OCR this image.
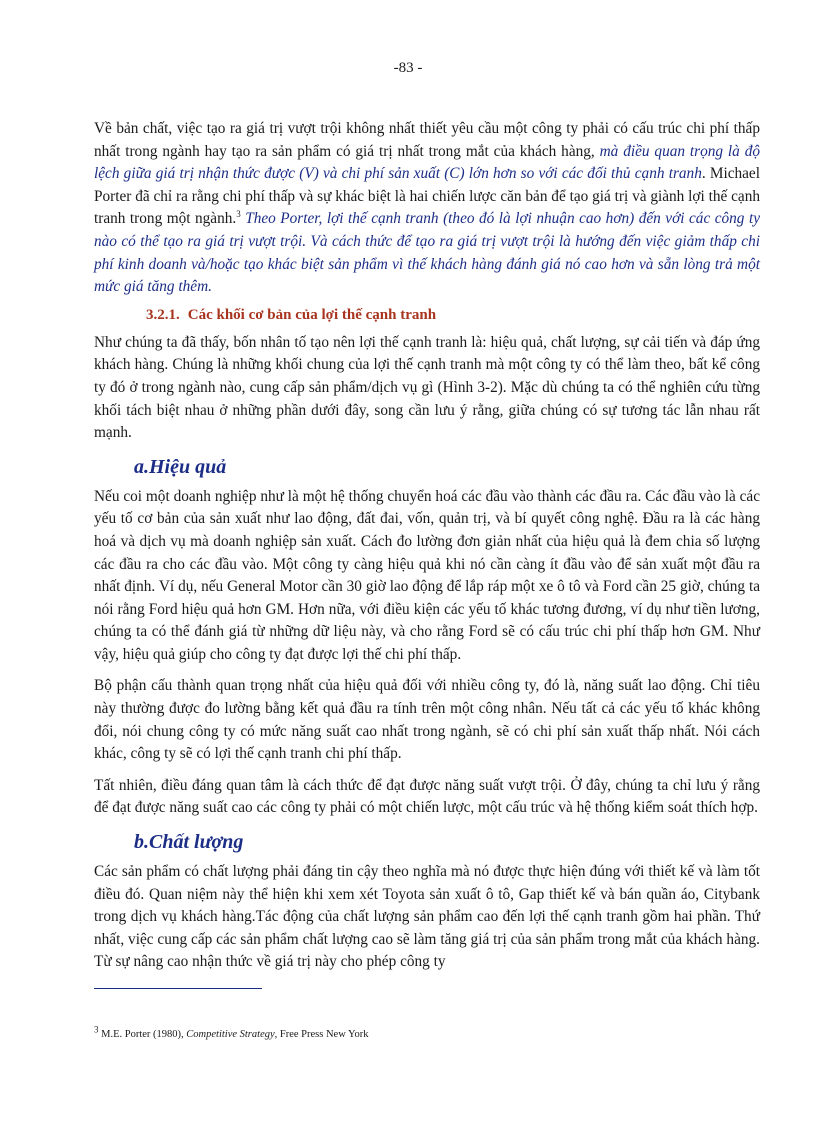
-83 -

Về bản chất, việc tạo ra giá trị vượt trội không nhất thiết yêu cầu một công ty phải có cấu trúc chi phí thấp nhất trong ngành hay tạo ra sản phẩm có giá trị nhất trong mắt của khách hàng, mà điều quan trọng là độ lệch giữa giá trị nhận thức được (V) và chi phí sản xuất (C) lớn hơn so với các đối thủ cạnh tranh. Michael Porter đã chỉ ra rằng chi phí thấp và sự khác biệt là hai chiến lược căn bản để tạo giá trị và giành lợi thế cạnh tranh trong một ngành.$^3$ Theo Porter, lợi thế cạnh tranh (theo đó là lợi nhuận cao hơn) đến với các công ty nào có thể tạo ra giá trị vượt trội. Và cách thức để tạo ra giá trị vượt trội là hướng đến việc giảm thấp chi phí kinh doanh và/hoặc tạo khác biệt sản phẩm vì thế khách hàng đánh giá nó cao hơn và sẵn lòng trả một mức giá tăng thêm.

3.2.1. Các khối cơ bản của lợi thế cạnh tranh

Như chúng ta đã thấy, bốn nhân tố tạo nên lợi thế cạnh tranh là: hiệu quả, chất lượng, sự cải tiến và đáp ứng khách hàng. Chúng là những khối chung của lợi thế cạnh tranh mà một công ty có thể làm theo, bất kể công ty đó ở trong ngành nào, cung cấp sản phẩm/dịch vụ gì (Hình 3-2). Mặc dù chúng ta có thể nghiên cứu từng khối tách biệt nhau ở những phần dưới đây, song cần lưu ý rằng, giữa chúng có sự tương tác lẫn nhau rất mạnh.

a.Hiệu quả

Nếu coi một doanh nghiệp như là một hệ thống chuyển hoá các đầu vào thành các đầu ra. Các đầu vào là các yếu tố cơ bản của sản xuất như lao động, đất đai, vốn, quản trị, và bí quyết công nghệ. Đầu ra là các hàng hoá và dịch vụ mà doanh nghiệp sản xuất. Cách đo lường đơn giản nhất của hiệu quả là đem chia số lượng các đầu ra cho các đầu vào. Một công ty càng hiệu quả khi nó cần càng ít đầu vào để sản xuất một đầu ra nhất định. Ví dụ, nếu General Motor cần 30 giờ lao động để lắp ráp một xe ô tô và Ford cần 25 giờ, chúng ta nói rằng Ford hiệu quả hơn GM. Hơn nữa, với điều kiện các yếu tố khác tương đương, ví dụ như tiền lương, chúng ta có thể đánh giá từ những dữ liệu này, và cho rằng Ford sẽ có cấu trúc chi phí thấp hơn GM. Như vậy, hiệu quả giúp cho công ty đạt được lợi thế chi phí thấp.

Bộ phận cấu thành quan trọng nhất của hiệu quả đối với nhiều công ty, đó là, năng suất lao động. Chỉ tiêu này thường được đo lường bằng kết quả đầu ra tính trên một công nhân. Nếu tất cả các yếu tố khác không đổi, nói chung công ty có mức năng suất cao nhất trong ngành, sẽ có chi phí sản xuất thấp nhất. Nói cách khác, công ty sẽ có lợi thế cạnh tranh chi phí thấp.

Tất nhiên, điều đáng quan tâm là cách thức để đạt được năng suất vượt trội. Ở đây, chúng ta chỉ lưu ý rằng để đạt được năng suất cao các công ty phải có một chiến lược, một cấu trúc và hệ thống kiểm soát thích hợp.

b.Chất lượng

Các sản phẩm có chất lượng phải đáng tin cậy theo nghĩa mà nó được thực hiện đúng với thiết kế và làm tốt điều đó. Quan niệm này thể hiện khi xem xét Toyota sản xuất ô tô, Gap thiết kế và bán quần áo, Citybank trong dịch vụ khách hàng.Tác động của chất lượng sản phẩm cao đến lợi thế cạnh tranh gồm hai phần. Thứ nhất, việc cung cấp các sản phẩm chất lượng cao sẽ làm tăng giá trị của sản phẩm trong mắt của khách hàng. Từ sự nâng cao nhận thức về giá trị này cho phép công ty

$^3$ M.E. Porter (1980), Competitive Strategy, Free Press New York
